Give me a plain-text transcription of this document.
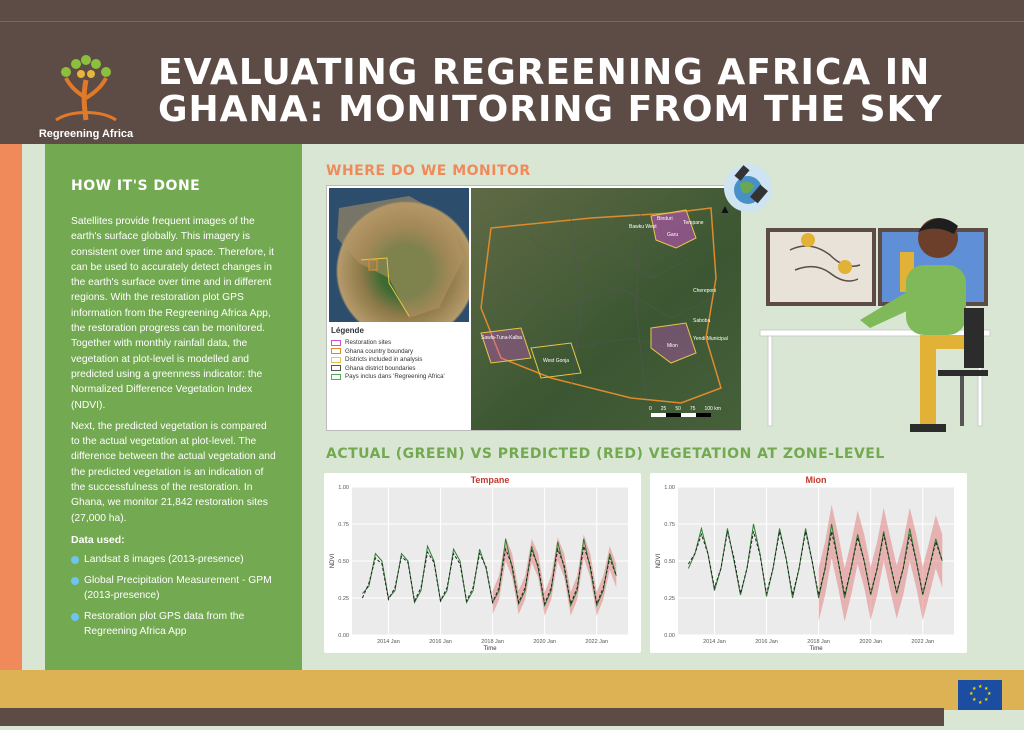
Regreening Africa
EVALUATING REGREENING AFRICA IN
GHANA: MONITORING FROM THE SKY
HOW IT'S DONE

Satellites provide frequent images of the earth's surface globally. This imagery is consistent over time and space. Therefore, it can be used to accurately detect changes in the earth's surface over time and in different regions. With the restoration plot GPS information from the Regreening Africa App, the restoration progress can be monitored. Together with monthly rainfall data, the vegetation at plot-level is modelled and predicted using a greenness indicator: the Normalized Difference Vegetation Index (NDVI).

Next, the predicted vegetation is compared to the actual vegetation at plot-level. The difference between the actual vegetation and the predicted vegetation is an indication of the successfulness of the restoration. In Ghana, we monitor 21,842 restoration sites (27,000 ha).

Data used:
Landsat 8 images (2013-presence)
Global Precipitation Measurement - GPM (2013-presence)
Restoration plot GPS data from the Regreening Africa App
WHERE DO WE MONITOR
Bawku West
Binduri
Tempane
Garu
Chereponi
Saboba
Yendi Municipal
Mion
Sawla-Tuna-Kalba
West Gonja
0 25 50 75 100 km
▲
Légende
Restoration sites
Ghana country boundary
Districts included in analysis
Ghana district boundaries
Pays inclus dans 'Regreening Africa'
ACTUAL (GREEN) VS PREDICTED (RED) VEGETATION AT ZONE-LEVEL
Tempane
0.00
0.25
0.50
0.75
1.00
2014 Jan	2016 Jan	2018 Jan	2020 Jan	2022 Jan
Time
NDVI
Mion
0.00
0.25
0.50
0.75
1.00
2014 Jan	2016 Jan	2018 Jan	2020 Jan	2022 Jan
Time
NDVI
★ ★
★
★
★
★
★
★
